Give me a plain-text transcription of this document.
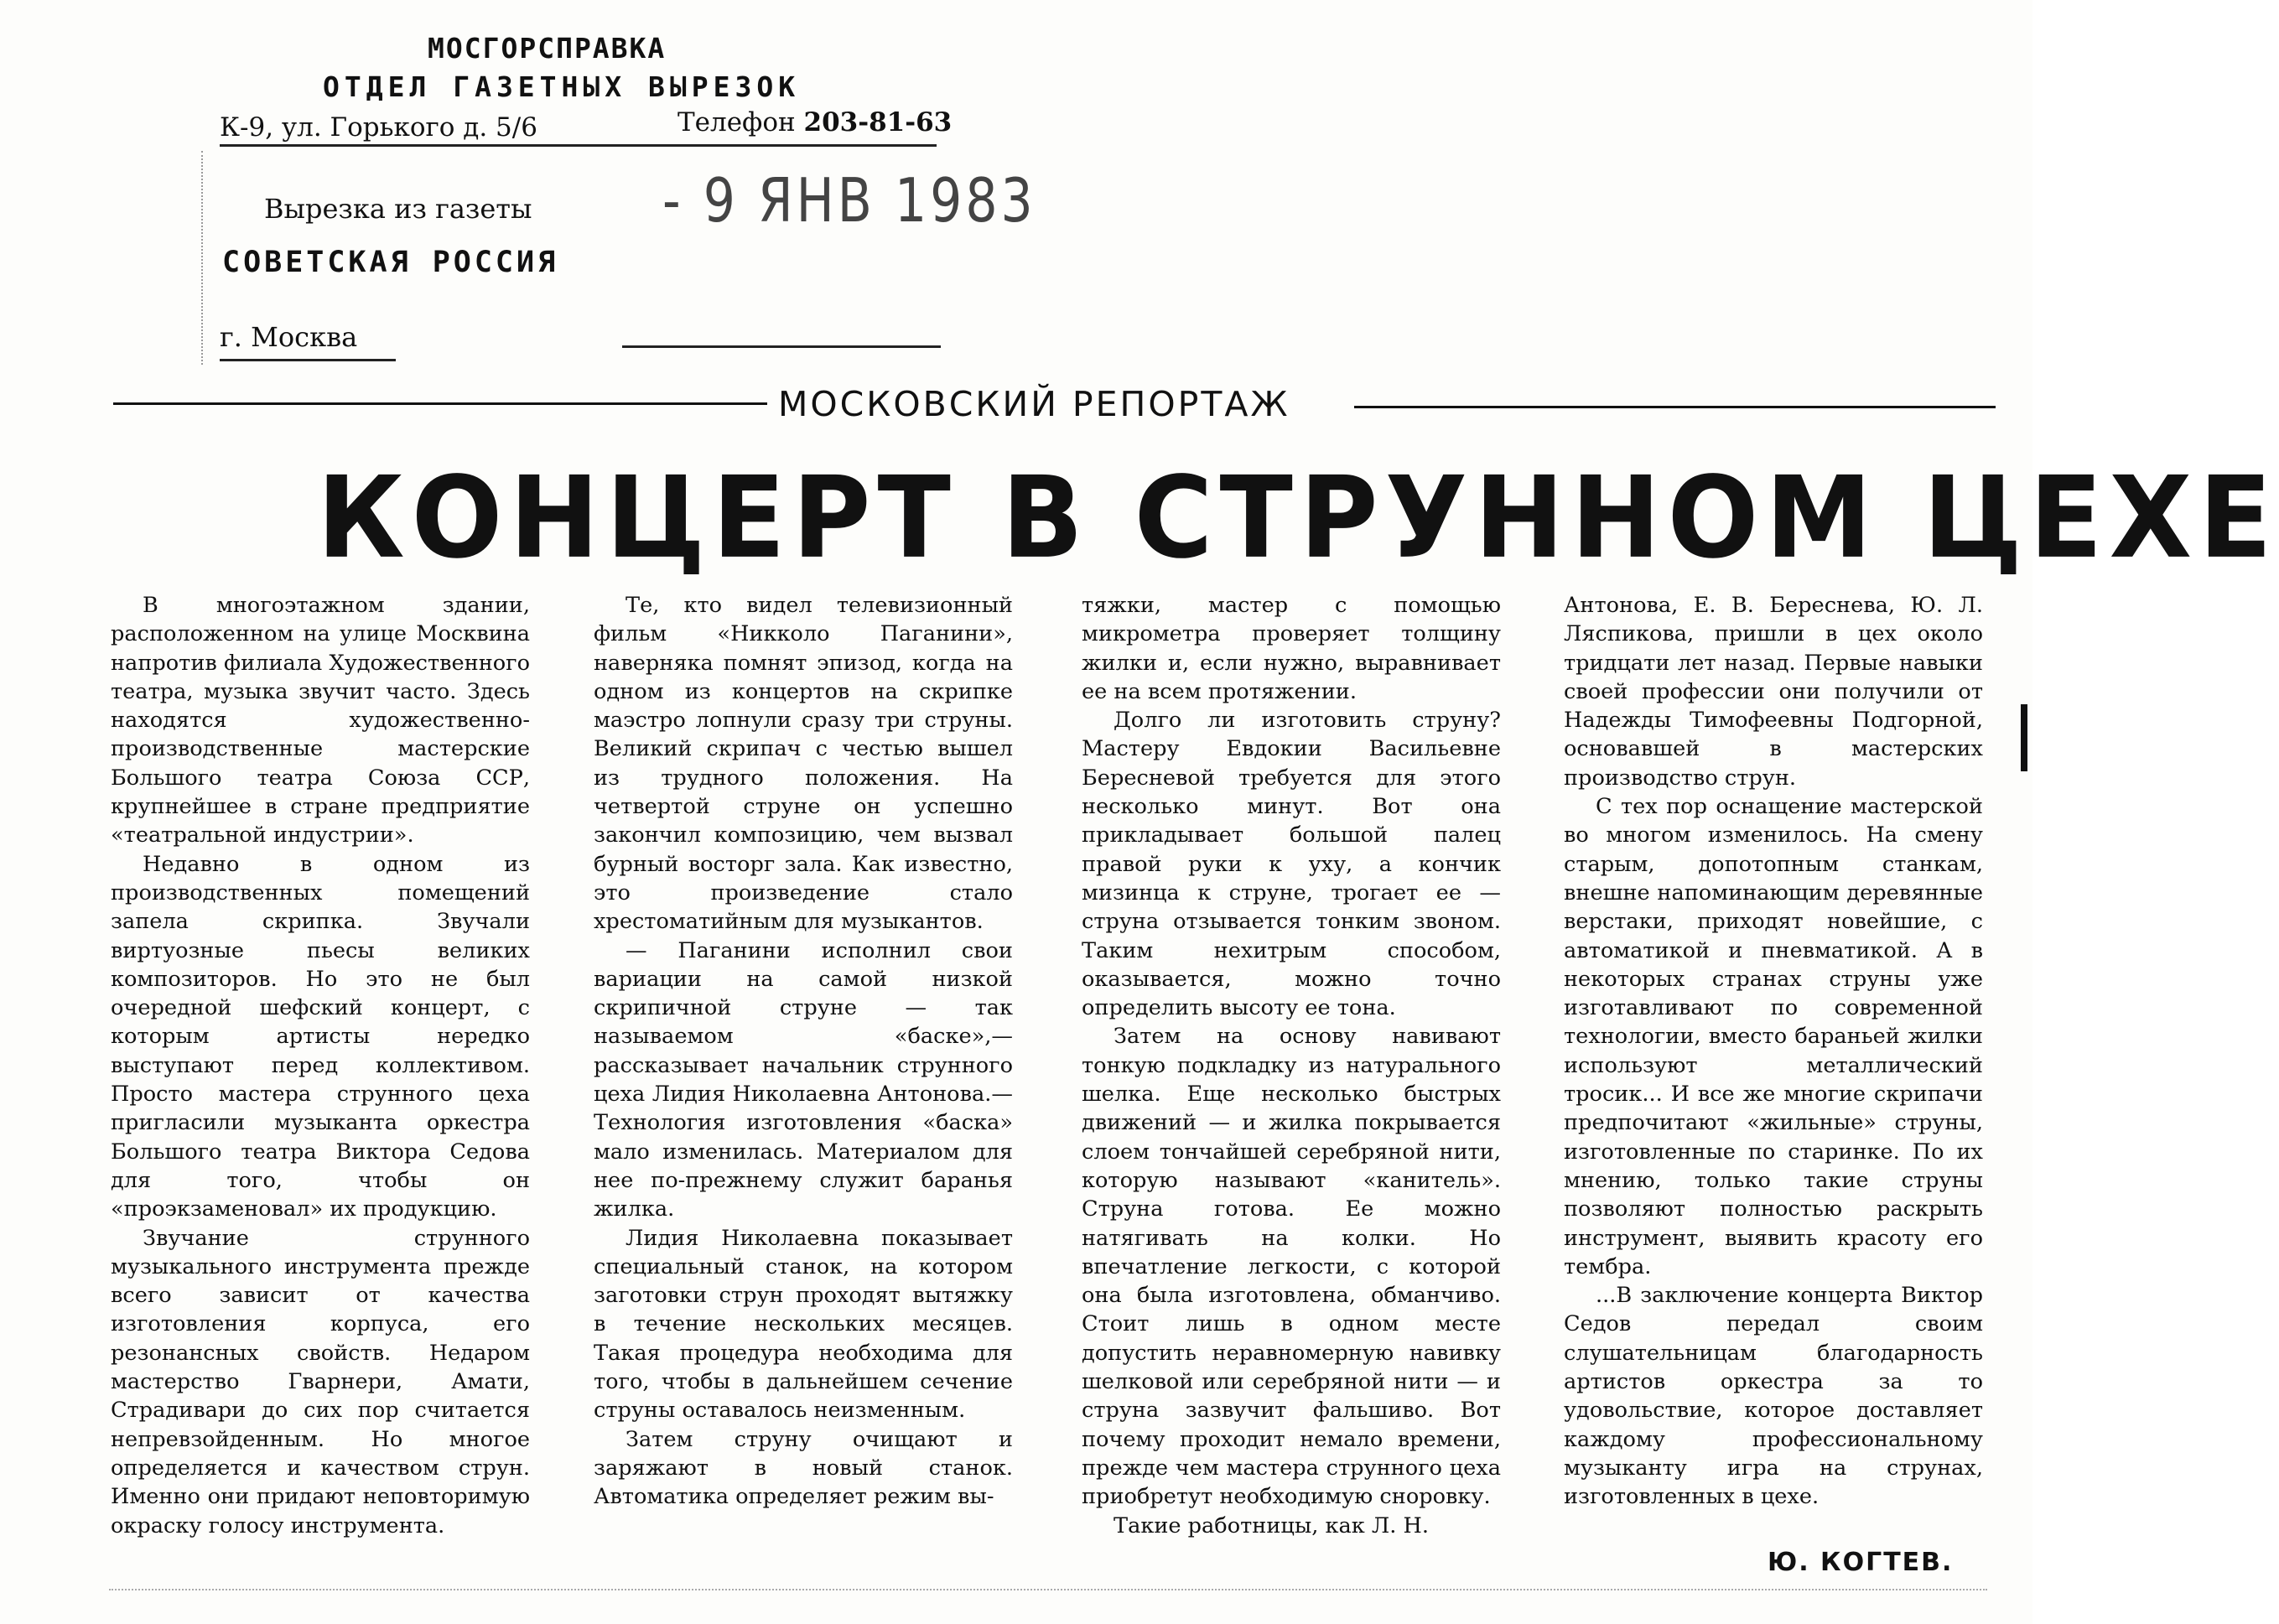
МОСГОРСПРАВКА
ОТДЕЛ ГАЗЕТНЫХ ВЫРЕЗОК
К-9, ул. Горького д. 5/6	Телефон 203-81-63
Вырезка из газеты	- 9 ЯНВ 1983
СОВЕТСКАЯ РОССИЯ
г. Москва
МОСКОВСКИЙ РЕПОРТАЖ
КОНЦЕРТ В СТРУННОМ ЦЕХЕ

В многоэтажном здании, расположенном на улице Москвина напротив филиала Художественного театра, музыка звучит часто. Здесь находятся художественно-производственные мастерские Большого театра Союза ССР, крупнейшее в стране предприятие «театральной индустрии».

Недавно в одном из производственных помещений запела скрипка. Звучали виртуозные пьесы великих композиторов. Но это не был очередной шефский концерт, с которым артисты нередко выступают перед коллективом. Просто мастера струнного цеха пригласили музыканта оркестра Большого театра Виктора Седова для того, чтобы он «проэкзаменовал» их продукцию.

Звучание струнного музыкального инструмента прежде всего зависит от качества изготовления корпуса, его резонансных свойств. Недаром мастерство Гварнери, Амати, Страдивари до сих пор считается непревзойденным. Но многое определяется и качеством струн. Именно они придают неповторимую окраску голосу инструмента.

Те, кто видел телевизионный фильм «Никколо Паганини», наверняка помнят эпизод, когда на одном из концертов на скрипке маэстро лопнули сразу три струны. Великий скрипач с честью вышел из трудного положения. На четвертой струне он успешно закончил композицию, чем вызвал бурный восторг зала. Как известно, это произведение стало хрестоматийным для музыкантов.

— Паганини исполнил свои вариации на самой низкой скрипичной струне — так называемом «баске»,— рассказывает начальник струнного цеха Лидия Николаевна Антонова.— Технология изготовления «баска» мало изменилась. Материалом для нее по-прежнему служит баранья жилка.

Лидия Николаевна показывает специальный станок, на котором заготовки струн проходят вытяжку в течение нескольких месяцев. Такая процедура необходима для того, чтобы в дальнейшем сечение струны оставалось неизменным.

Затем струну очищают и заряжают в новый станок. Автоматика определяет режим вы-

тяжки, мастер с помощью микрометра проверяет толщину жилки и, если нужно, выравнивает ее на всем протяжении.

Долго ли изготовить струну? Мастеру Евдокии Васильевне Бересневой требуется для этого несколько минут. Вот она прикладывает большой палец правой руки к уху, а кончик мизинца к струне, трогает ее — струна отзывается тонким звоном. Таким нехитрым способом, оказывается, можно точно определить высоту ее тона.

Затем на основу навивают тонкую подкладку из натурального шелка. Еще несколько быстрых движений — и жилка покрывается слоем тончайшей серебряной нити, которую называют «канитель». Струна готова. Ее можно натягивать на колки. Но впечатление легкости, с которой она была изготовлена, обманчиво. Стоит лишь в одном месте допустить неравномерную навивку шелковой или серебряной нити — и струна зазвучит фальшиво. Вот почему проходит немало времени, прежде чем мастера струнного цеха приобретут необходимую сноровку.

Такие работницы, как Л. Н.

Антонова, Е. В. Береснева, Ю. Л. Ляспикова, пришли в цех около тридцати лет назад. Первые навыки своей профессии они получили от Надежды Тимофеевны Подгорной, основавшей в мастерских производство струн.

С тех пор оснащение мастерской во многом изменилось. На смену старым, допотопным станкам, внешне напоминающим деревянные верстаки, приходят новейшие, с автоматикой и пневматикой. А в некоторых странах струны уже изготавливают по современной технологии, вместо бараньей жилки используют металлический тросик... И все же многие скрипачи предпочитают «жильные» струны, изготовленные по старинке. По их мнению, только такие струны позволяют полностью раскрыть инструмент, выявить красоту его тембра.

...В заключение концерта Виктор Седов передал своим слушательницам благодарность артистов оркестра за то удовольствие, которое доставляет каждому профессиональному музыканту игра на струнах, изготовленных в цехе.

Ю. КОГТЕВ.
